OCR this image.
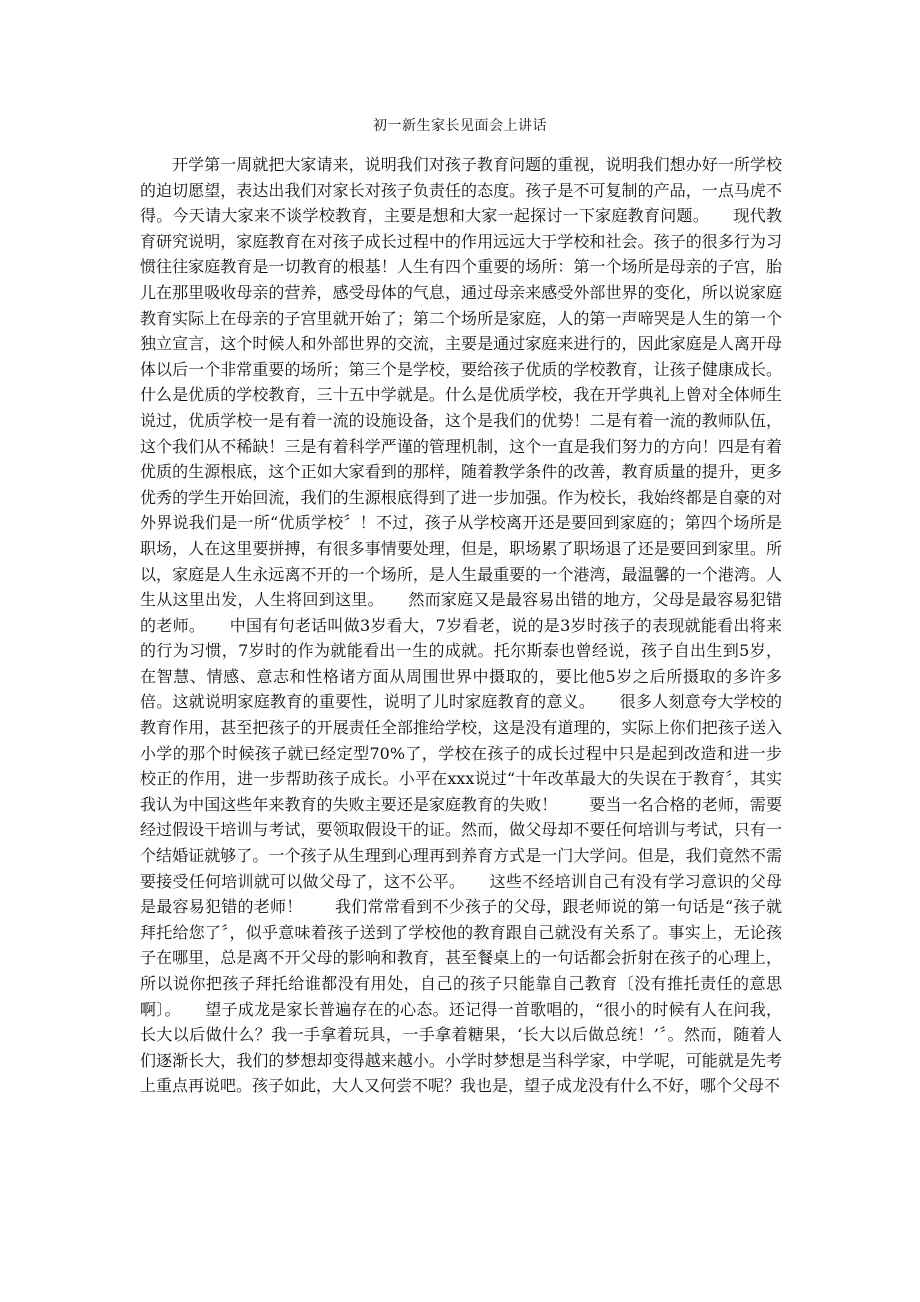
初一新生家长见面会上讲话

开学第一周就把大家请来，说明我们对孩子教育问题的重视，说明我们想办好一所学校的迫切愿望，表达出我们对家长对孩子负责任的态度。孩子是不可复制的产品，一点马虎不得。今天请大家来不谈学校教育，主要是想和大家一起探讨一下家庭教育问题。　　现代教育研究说明，家庭教育在对孩子成长过程中的作用远远大于学校和社会。孩子的很多行为习惯往往家庭教育是一切教育的根基！人生有四个重要的场所：第一个场所是母亲的子宫，胎儿在那里吸收母亲的营养，感受母体的气息，通过母亲来感受外部世界的变化，所以说家庭教育实际上在母亲的子宫里就开始了；第二个场所是家庭，人的第一声啼哭是人生的第一个独立宣言，这个时候人和外部世界的交流，主要是通过家庭来进行的，因此家庭是人离开母体以后一个非常重要的场所；第三个是学校，要给孩子优质的学校教育，让孩子健康成长。什么是优质的学校教育，三十五中学就是。什么是优质学校，我在开学典礼上曾对全体师生说过，优质学校一是有着一流的设施设备，这个是我们的优势！二是有着一流的教师队伍，这个我们从不稀缺！三是有着科学严谨的管理机制，这个一直是我们努力的方向！四是有着优质的生源根底，这个正如大家看到的那样，随着教学条件的改善，教育质量的提升，更多优秀的学生开始回流，我们的生源根底得到了进一步加强。作为校长，我始终都是自豪的对外界说我们是一所“优质学校〞！不过，孩子从学校离开还是要回到家庭的；第四个场所是职场，人在这里要拼搏，有很多事情要处理，但是，职场累了职场退了还是要回到家里。所以，家庭是人生永远离不开的一个场所，是人生最重要的一个港湾，最温馨的一个港湾。人生从这里出发，人生将回到这里。　　然而家庭又是最容易出错的地方，父母是最容易犯错的老师。　　中国有句老话叫做3岁看大，7岁看老，说的是3岁时孩子的表现就能看出将来的行为习惯，7岁时的作为就能看出一生的成就。托尔斯泰也曾经说，孩子自出生到5岁，在智慧、情感、意志和性格诸方面从周围世界中摄取的，要比他5岁之后所摄取的多许多倍。这就说明家庭教育的重要性，说明了儿时家庭教育的意义。　　很多人刻意夸大学校的教育作用，甚至把孩子的开展责任全部推给学校，这是没有道理的，实际上你们把孩子送入小学的那个时候孩子就已经定型70%了，学校在孩子的成长过程中只是起到改造和进一步校正的作用，进一步帮助孩子成长。小平在xxx说过“十年改革最大的失误在于教育〞，其实我认为中国这些年来教育的失败主要还是家庭教育的失败！　　要当一名合格的老师，需要经过假设干培训与考试，要领取假设干的证。然而，做父母却不要任何培训与考试，只有一个结婚证就够了。一个孩子从生理到心理再到养育方式是一门大学问。但是，我们竟然不需要接受任何培训就可以做父母了，这不公平。　　这些不经培训自己有没有学习意识的父母是最容易犯错的老师！　　我们常常看到不少孩子的父母，跟老师说的第一句话是“孩子就拜托给您了〞，似乎意味着孩子送到了学校他的教育跟自己就没有关系了。事实上，无论孩子在哪里，总是离不开父母的影响和教育，甚至餐桌上的一句话都会折射在孩子的心理上，所以说你把孩子拜托给谁都没有用处，自己的孩子只能靠自己教育〔没有推托责任的意思啊〕。　　望子成龙是家长普遍存在的心态。还记得一首歌唱的，“很小的时候有人在问我，长大以后做什么？我一手拿着玩具，一手拿着糖果，‘长大以后做总统！’〞。然而，随着人们逐渐长大，我们的梦想却变得越来越小。小学时梦想是当科学家，中学呢，可能就是先考上重点再说吧。孩子如此，大人又何尝不呢？我也是，望子成龙没有什么不好，哪个父母不
